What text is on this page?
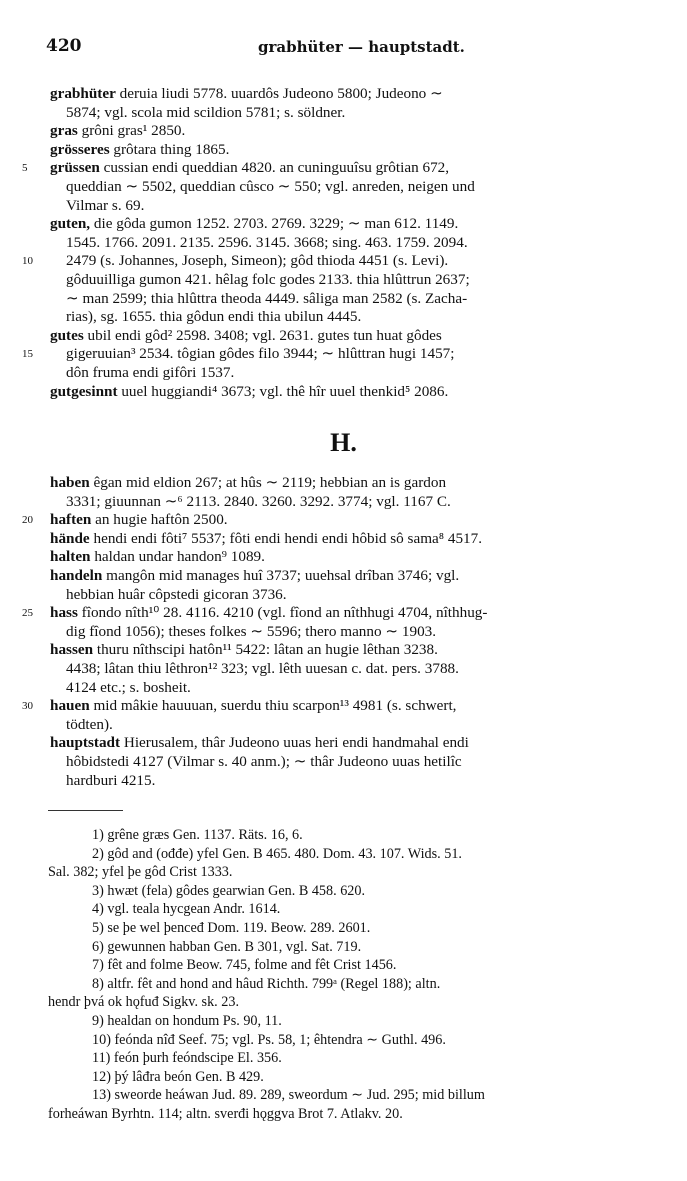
420	grabhüter — hauptstadt.
grabhüter deruia liudi 5778. uuardôs Judeono 5800; Judeono ∼
5874; vgl. scola mid scildion 5781; s. söldner.
gras grôni gras¹ 2850.
grösseres grôtara thing 1865.
5	grüssen cussian endi queddian 4820. an cuninguuîsu grôtian 672,
queddian ∼ 5502, queddian cûsco ∼ 550; vgl. anreden, neigen und
Vilmar s. 69.
guten, die gôda gumon 1252. 2703. 2769. 3229; ∼ man 612. 1149.
1545. 1766. 2091. 2135. 2596. 3145. 3668; sing. 463. 1759. 2094.
10	2479 (s. Johannes, Joseph, Simeon); gôd thioda 4451 (s. Levi).
gôduuilliga gumon 421. hêlag folc godes 2133. thia hlûttrun 2637;
∼ man 2599; thia hlûttra theoda 4449. sâliga man 2582 (s. Zacha-
rias), sg. 1655. thia gôdun endi thia ubilun 4445.
gutes ubil endi gôd² 2598. 3408; vgl. 2631. gutes tun huat gôdes
15	gigeruuian³ 2534. tôgian gôdes filo 3944; ∼ hlûttran hugi 1457;
dôn fruma endi gifôri 1537.
gutgesinnt uuel huggiandi⁴ 3673; vgl. thê hîr uuel thenkid⁵ 2086.
H.
haben êgan mid eldion 267; at hûs ∼ 2119; hebbian an is gardon
3331; giuunnan ∼⁶ 2113. 2840. 3260. 3292. 3774; vgl. 1167 C.
20	haften an hugie haftôn 2500.
hände hendi endi fôti⁷ 5537; fôti endi hendi endi hôbid sô sama⁸ 4517.
halten haldan undar handon⁹ 1089.
handeln mangôn mid manages huî 3737; uuehsal drîban 3746; vgl.
hebbian huâr côpstedi gicoran 3736.
25	hass fîondo nîth¹⁰ 28. 4116. 4210 (vgl. fîond an nîthhugi 4704, nîthhug-
dig fîond 1056); theses folkes ∼ 5596; thero manno ∼ 1903.
hassen thuru nîthscipi hatôn¹¹ 5422: lâtan an hugie lêthan 3238.
4438; lâtan thiu lêthron¹² 323; vgl. lêth uuesan c. dat. pers. 3788.
4124 etc.; s. bosheit.
30	hauen mid mâkie hauuuan, suerdu thiu scarpon¹³ 4981 (s. schwert,
tödten).
hauptstadt Hierusalem, thâr Judeono uuas heri endi handmahal endi
hôbidstedi 4127 (Vilmar s. 40 anm.); ∼ thâr Judeono uuas hetilîc
hardburi 4215.
1) grêne græs Gen. 1137. Räts. 16, 6.
2) gôd and (ođđe) yfel Gen. B 465. 480. Dom. 43. 107. Wids. 51.
Sal. 382; yfel þe gôd Crist 1333.
3) hwæt (fela) gôdes gearwian Gen. B 458. 620.
4) vgl. teala hycgean Andr. 1614.
5) se þe wel þenceđ Dom. 119. Beow. 289. 2601.
6) gewunnen habban Gen. B 301, vgl. Sat. 719.
7) fêt and folme Beow. 745, folme and fêt Crist 1456.
8) altfr. fêt and hond and hâud Richth. 799ᵃ (Regel 188); altn.
hendr þvá ok hǫfuđ Sigkv. sk. 23.
9) healdan on hondum Ps. 90, 11.
10) feónda nîđ Seef. 75; vgl. Ps. 58, 1; êhtendra ∼ Guthl. 496.
11) feón þurh feóndscipe El. 356.
12) þý lâđra beón Gen. B 429.
13) sweorde heáwan Jud. 89. 289, sweordum ∼ Jud. 295; mid billum
forheáwan Byrhtn. 114; altn. sverđi hǫggva Brot 7. Atlakv. 20.
